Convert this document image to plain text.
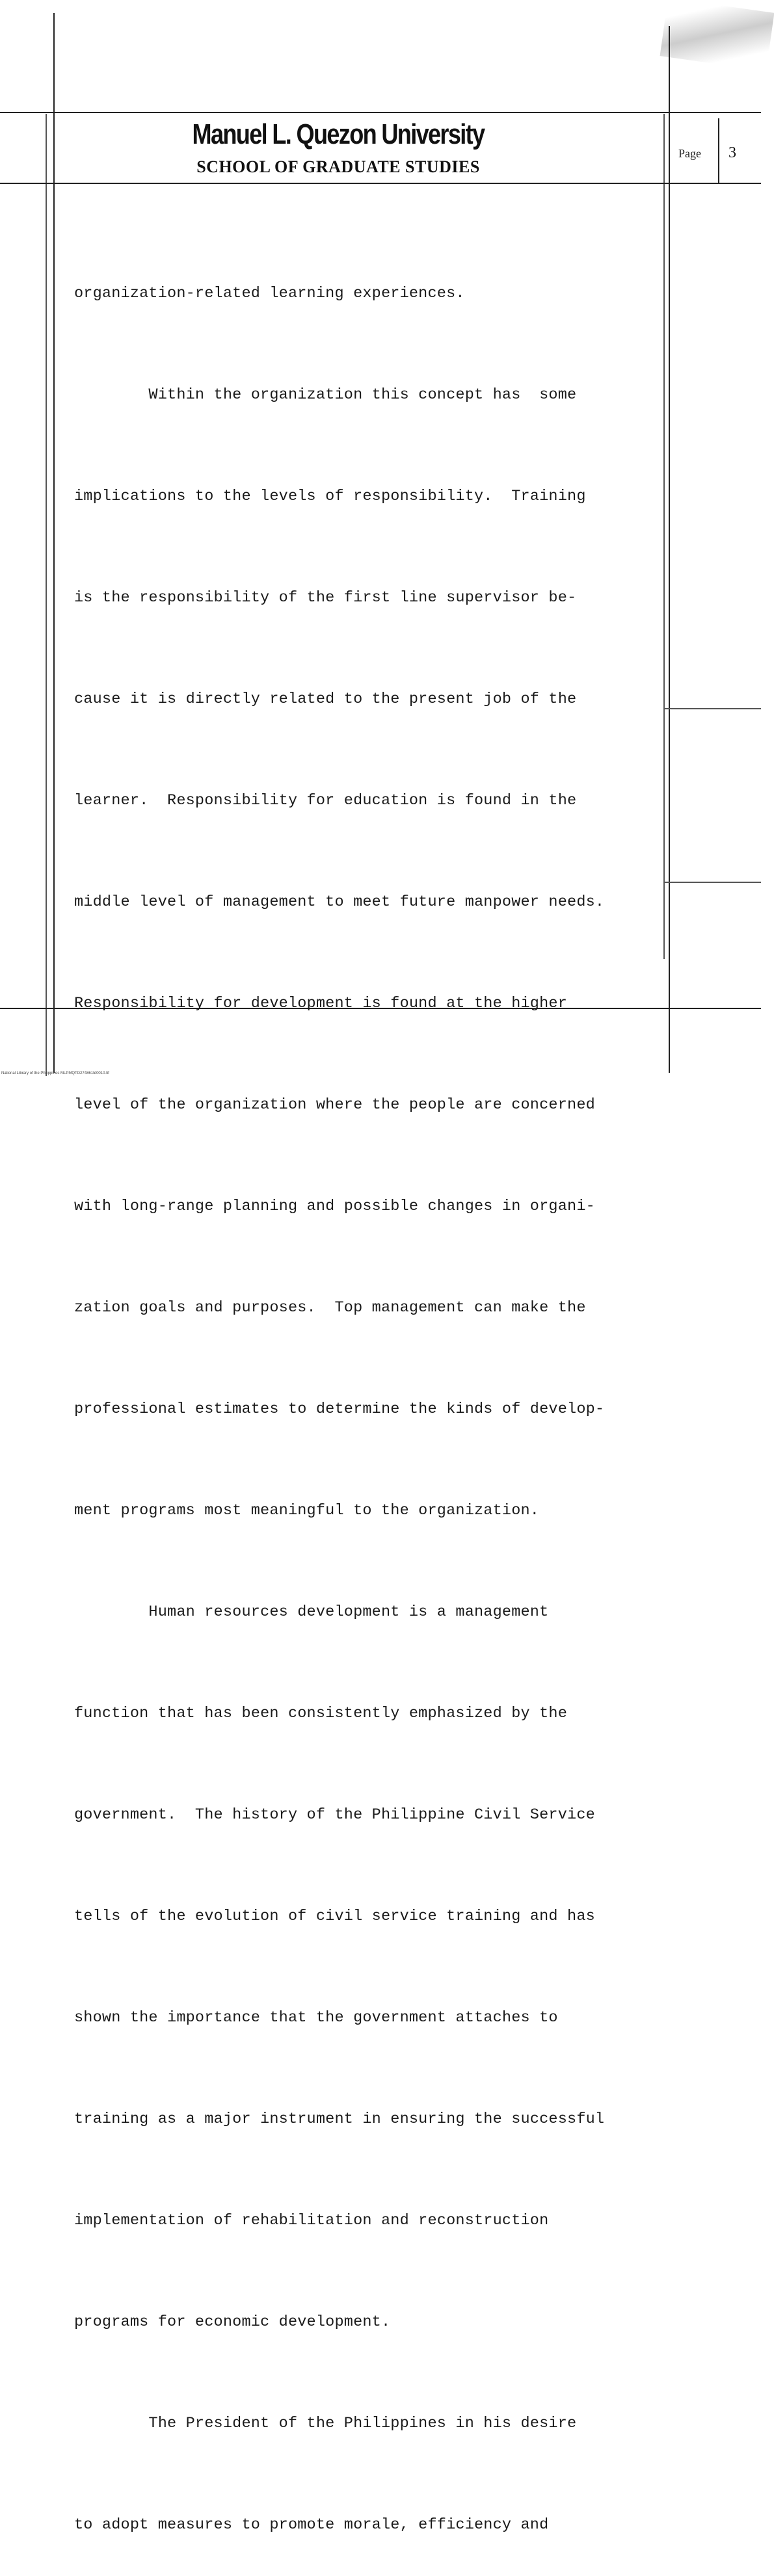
Manuel L. Quezon University
SCHOOL OF GRADUATE STUDIES
Page 3

organization-related learning experiences.

Within the organization this concept has  some

implications to the levels of responsibility.  Training

is the responsibility of the first line supervisor be-

cause it is directly related to the present job of the

learner.  Responsibility for education is found in the

middle level of management to meet future manpower needs.

Responsibility for development is found at the higher

level of the organization where the people are concerned

with long-range planning and possible changes in organi-

zation goals and purposes.  Top management can make the

professional estimates to determine the kinds of develop-

ment programs most meaningful to the organization.

Human resources development is a management

function that has been consistently emphasized by the

government.  The history of the Philippine Civil Service

tells of the evolution of civil service training and has

shown the importance that the government attaches to

training as a major instrument in ensuring the successful

implementation of rehabilitation and reconstruction

programs for economic development.

The President of the Philippines in his desire

to adopt measures to promote morale, efficiency and

National Library of the Philippines MLPMQTD274861td0010.tif
